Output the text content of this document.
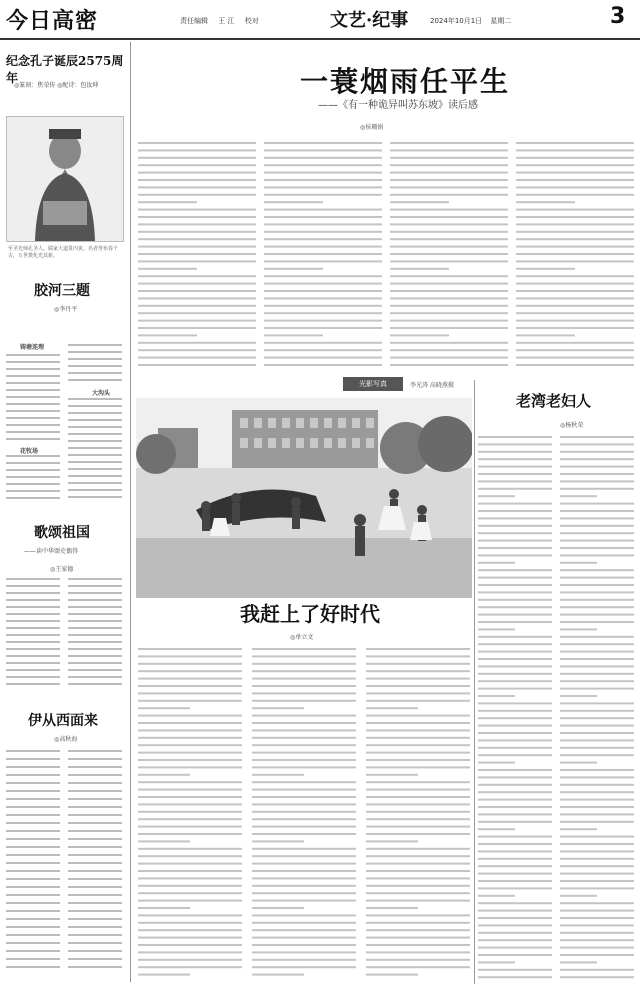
今日高密	责任编辑 王 江 校对	文艺·纪事	2024年10月1日 星期二	3
纪念孔子诞辰2575周年
◎篆刻：焦荣传 ◎配诗：包汝坤
至圣先师孔圣人，儒家大道贯丙寅。名者誉布春千古，万世教化光其新。
胶河三题
◎李丹平
铸塘连理
大沟头
花牧场
歌颂祖国
——读中华颂史偶得
◎王家德
伊从西面来
◎高秋海
一蓑烟雨任平生
——《有一种诡异叫苏东坡》读后感
◎侯珊娟
光影写真	李光涛 高晓燕摄
老湾老妇人
◎杨秋荣
我赶上了好时代
◎单立文
